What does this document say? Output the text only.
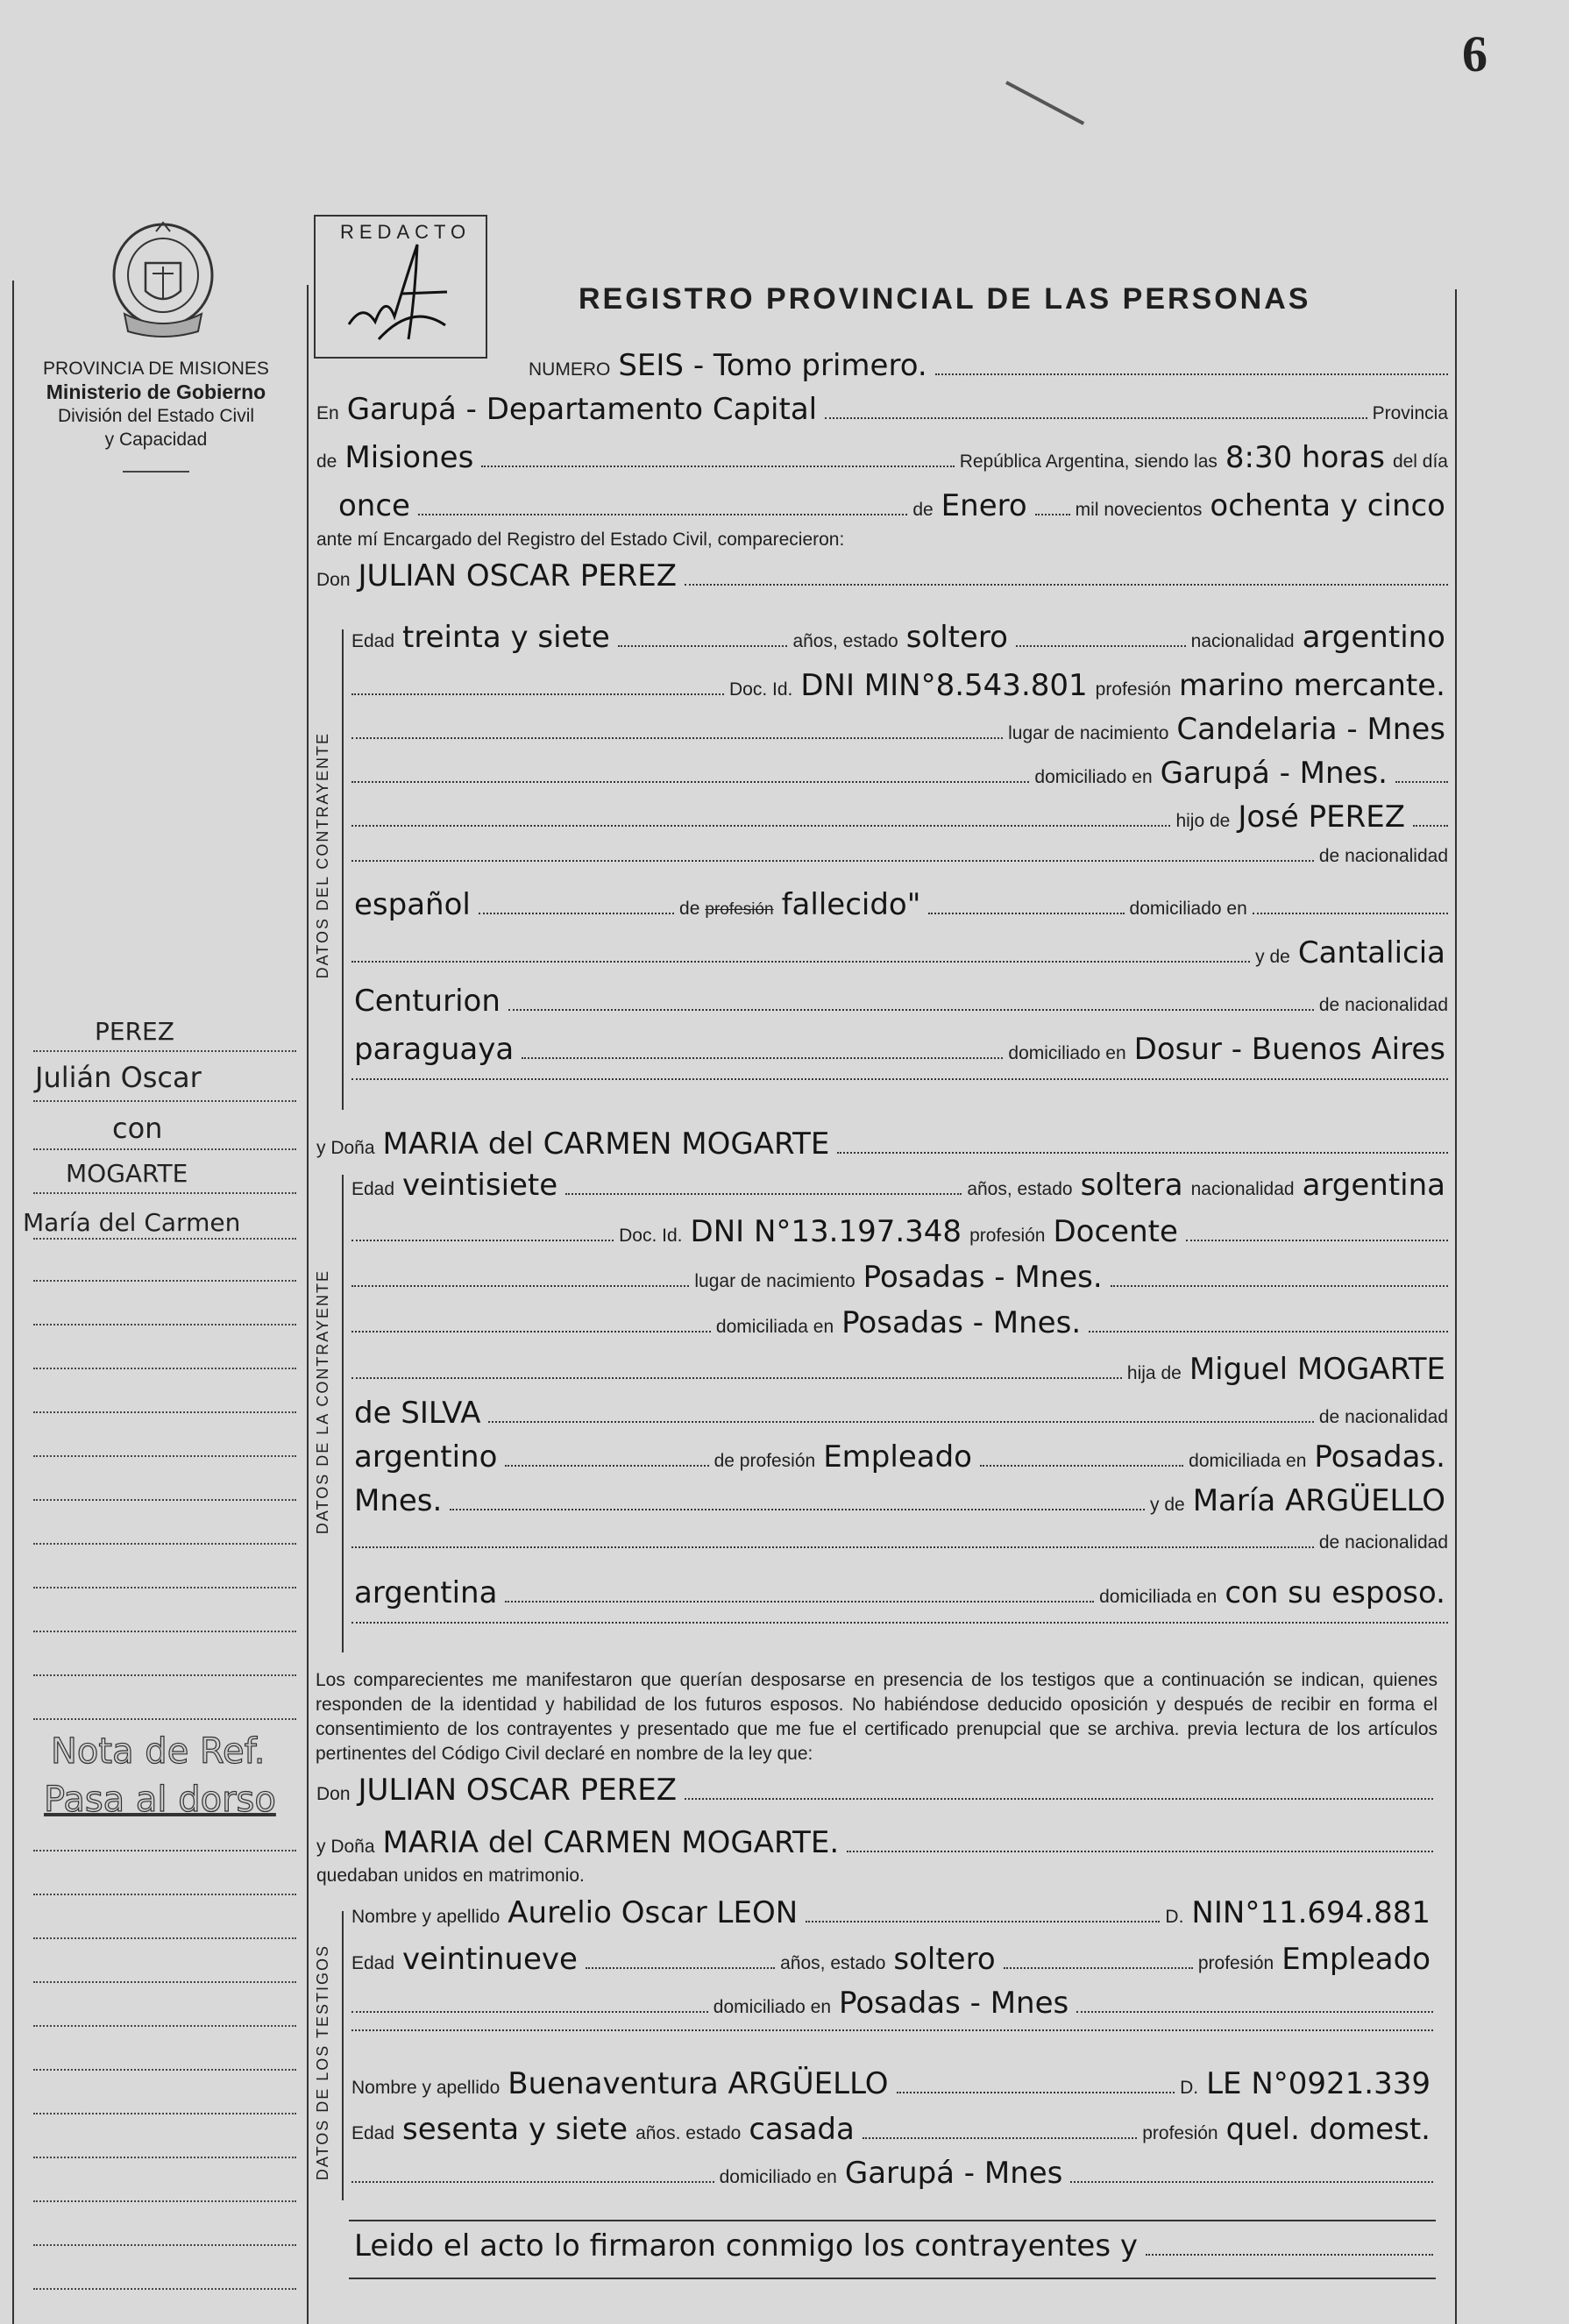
6
PROVINCIA DE MISIONES
Ministerio de Gobierno
División del Estado Civil
y Capacidad
REDACTO
REGISTRO PROVINCIAL DE LAS PERSONAS
NUMERO SEIS - Tomo primero.
En Garupá - Departamento Capital	Provincia
de Misiones	República Argentina, siendo las 8:30 horas del día
once	de Enero	mil novecientos ochenta y cinco
ante mí Encargado del Registro del Estado Civil, comparecieron:
Don JULIAN OSCAR PEREZ
DATOS DEL CONTRAYENTE
Edad treinta y siete	años, estado soltero	nacionalidad argentino
Doc. Id. DNI MIN°8.543.801 profesión marino mercante.
lugar de nacimiento Candelaria - Mnes
domiciliado en Garupá - Mnes.
hijo de José PEREZ
de nacionalidad
español	de profesión fallecido"	domiciliado en
y de Cantalicia
Centurion	de nacionalidad
paraguaya	domiciliado en Dosur - Buenos Aires
y Doña MARIA del CARMEN MOGARTE
DATOS DE LA CONTRAYENTE
Edad veintisiete	años, estado soltera nacionalidad argentina
Doc. Id. DNI N°13.197.348 profesión Docente
lugar de nacimiento Posadas - Mnes.
domiciliada en Posadas - Mnes.
hija de Miguel MOGARTE
de SILVA	de nacionalidad
argentino	de profesión Empleado	domiciliada en Posadas.
Mnes.	y de María ARGÜELLO
de nacionalidad
argentina	domiciliada en con su esposo.
Los comparecientes me manifestaron que querían desposarse en presencia de los testigos que a continuación se indican, quienes responden de la identidad y habilidad de los futuros esposos. No habiéndose deducido oposición y después de recibir en forma el consentimiento de los contrayentes y presentado que me fue el certificado prenupcial que se archiva. previa lectura de los artículos pertinentes del Código Civil declaré en nombre de la ley que:
Don JULIAN OSCAR PEREZ
y Doña MARIA del CARMEN MOGARTE.
quedaban unidos en matrimonio.
DATOS DE LOS TESTIGOS
Nombre y apellido Aurelio Oscar LEON	D. NIN°11.694.881
Edad veintinueve	años, estado soltero	profesión Empleado
domiciliado en Posadas - Mnes
Nombre y apellido Buenaventura ARGÜELLO	D. LE N°0921.339
Edad sesenta y siete años. estado casada	profesión quel. domest.
domiciliado en Garupá - Mnes
Leido el acto lo firmaron conmigo los contrayentes y
PEREZ
Julián Oscar
con
MOGARTE
María del Carmen
Nota de Ref.
Pasa al dorso
